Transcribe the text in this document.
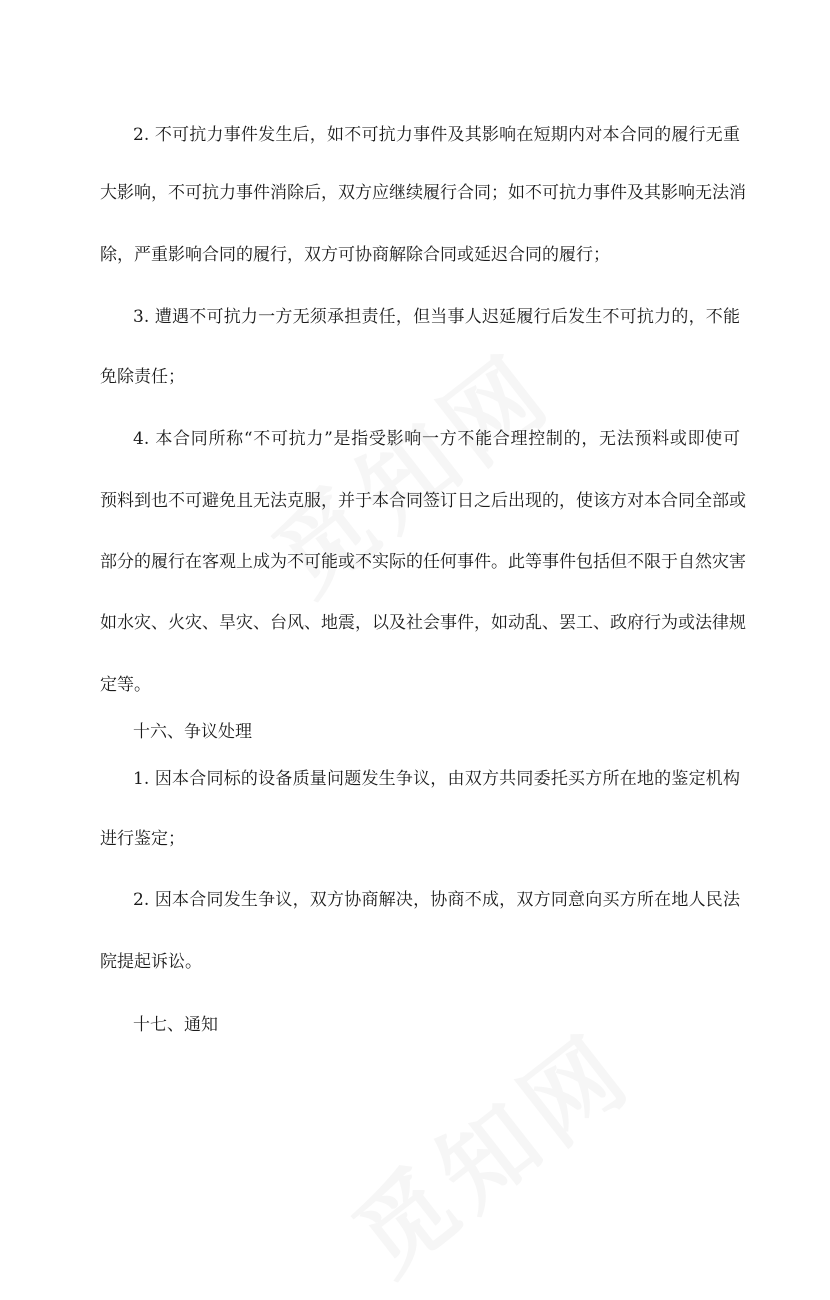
2. 不可抗力事件发生后，如不可抗力事件及其影响在短期内对本合同的履行无重
大影响，不可抗力事件消除后，双方应继续履行合同；如不可抗力事件及其影响无法消
除，严重影响合同的履行，双方可协商解除合同或延迟合同的履行；
3. 遭遇不可抗力一方无须承担责任，但当事人迟延履行后发生不可抗力的，不能
免除责任；
4. 本合同所称“不可抗力”是指受影响一方不能合理控制的，无法预料或即使可
预料到也不可避免且无法克服，并于本合同签订日之后出现的，使该方对本合同全部或
部分的履行在客观上成为不可能或不实际的任何事件。此等事件包括但不限于自然灾害
如水灾、火灾、旱灾、台风、地震，以及社会事件，如动乱、罢工、政府行为或法律规
定等。
十六、争议处理
1. 因本合同标的设备质量问题发生争议，由双方共同委托买方所在地的鉴定机构
进行鉴定；
2. 因本合同发生争议，双方协商解决，协商不成，双方同意向买方所在地人民法
院提起诉讼。
十七、通知
